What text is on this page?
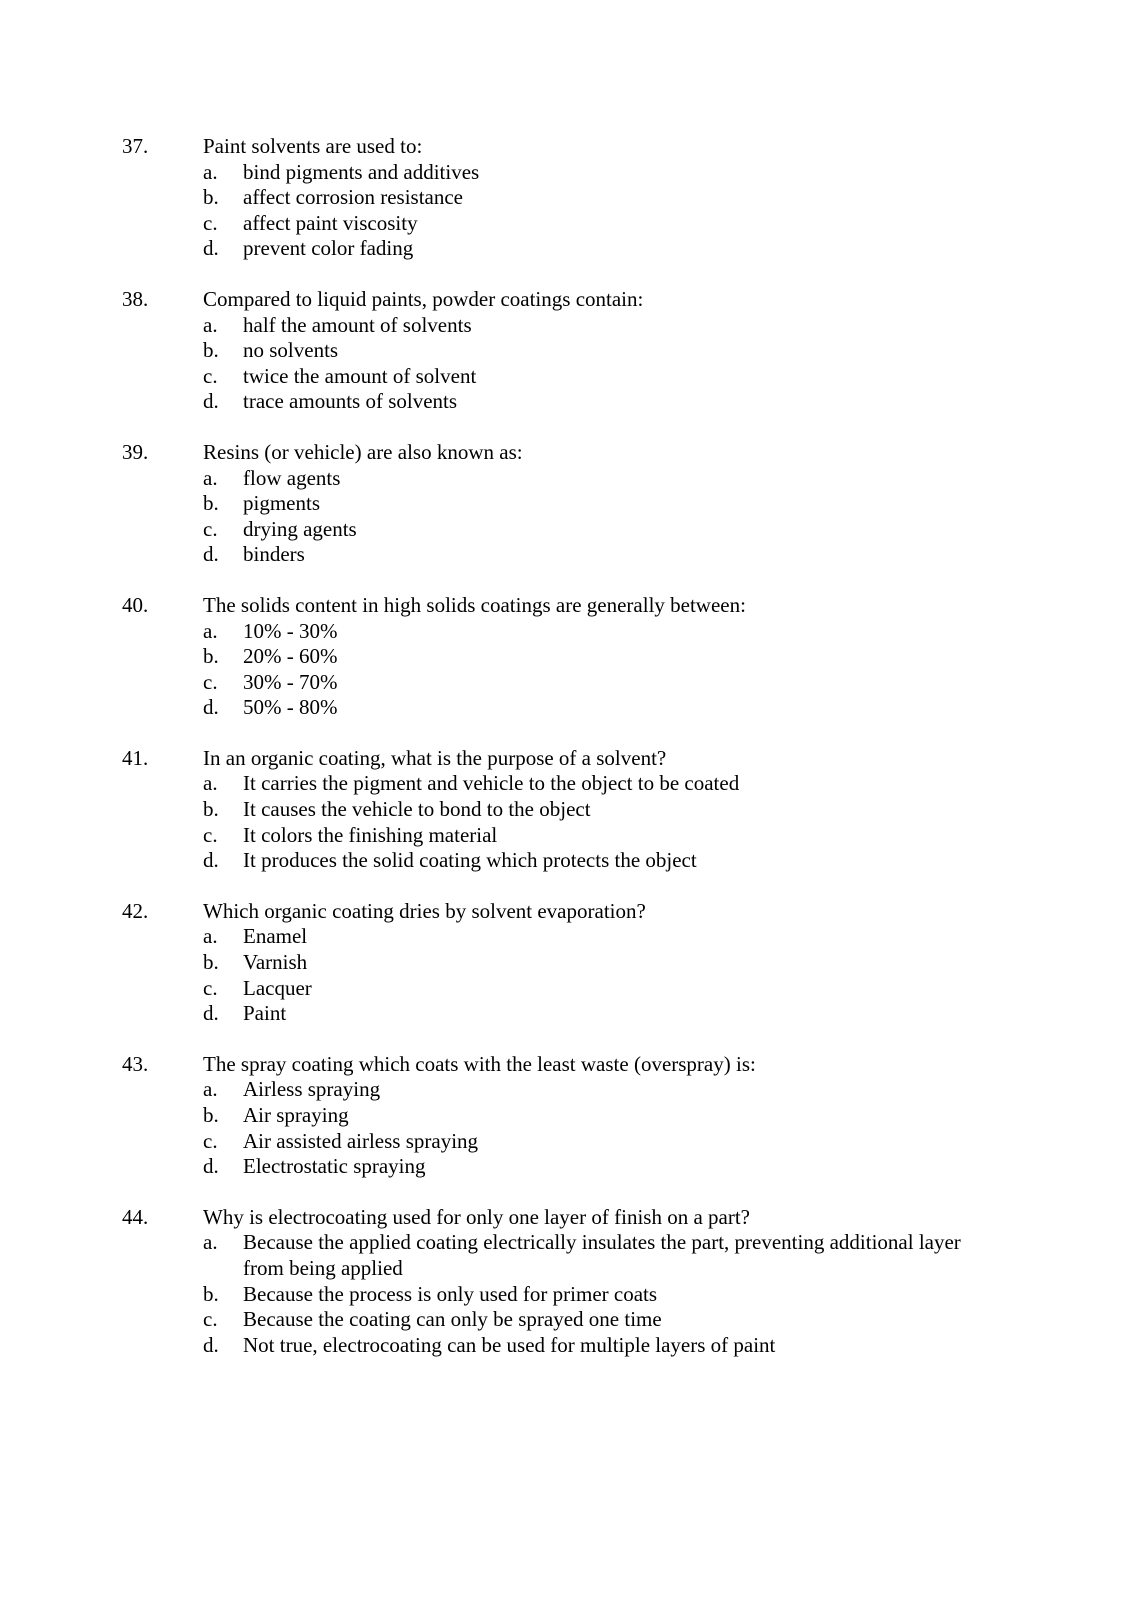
37.	Paint solvents are used to:
a. bind pigments and additives
b. affect corrosion resistance
c. affect paint viscosity
d. prevent color fading
38.	Compared to liquid paints, powder coatings contain:
a. half the amount of solvents
b. no solvents
c. twice the amount of solvent
d. trace amounts of solvents
39.	Resins (or vehicle) are also known as:
a. flow agents
b. pigments
c. drying agents
d. binders
40.	The solids content in high solids coatings are generally between:
a. 10% - 30%
b. 20% - 60%
c. 30% - 70%
d. 50% - 80%
41.	In an organic coating, what is the purpose of a solvent?
a. It carries the pigment and vehicle to the object to be coated
b. It causes the vehicle to bond to the object
c. It colors the finishing material
d. It produces the solid coating which protects the object
42.	Which organic coating dries by solvent evaporation?
a. Enamel
b. Varnish
c. Lacquer
d. Paint
43.	The spray coating which coats with the least waste (overspray) is:
a. Airless spraying
b. Air spraying
c. Air assisted airless spraying
d. Electrostatic spraying
44.	Why is electrocoating used for only one layer of finish on a part?
a. Because the applied coating electrically insulates the part, preventing additional layer from being applied
b. Because the process is only used for primer coats
c. Because the coating can only be sprayed one time
d. Not true, electrocoating can be used for multiple layers of paint
